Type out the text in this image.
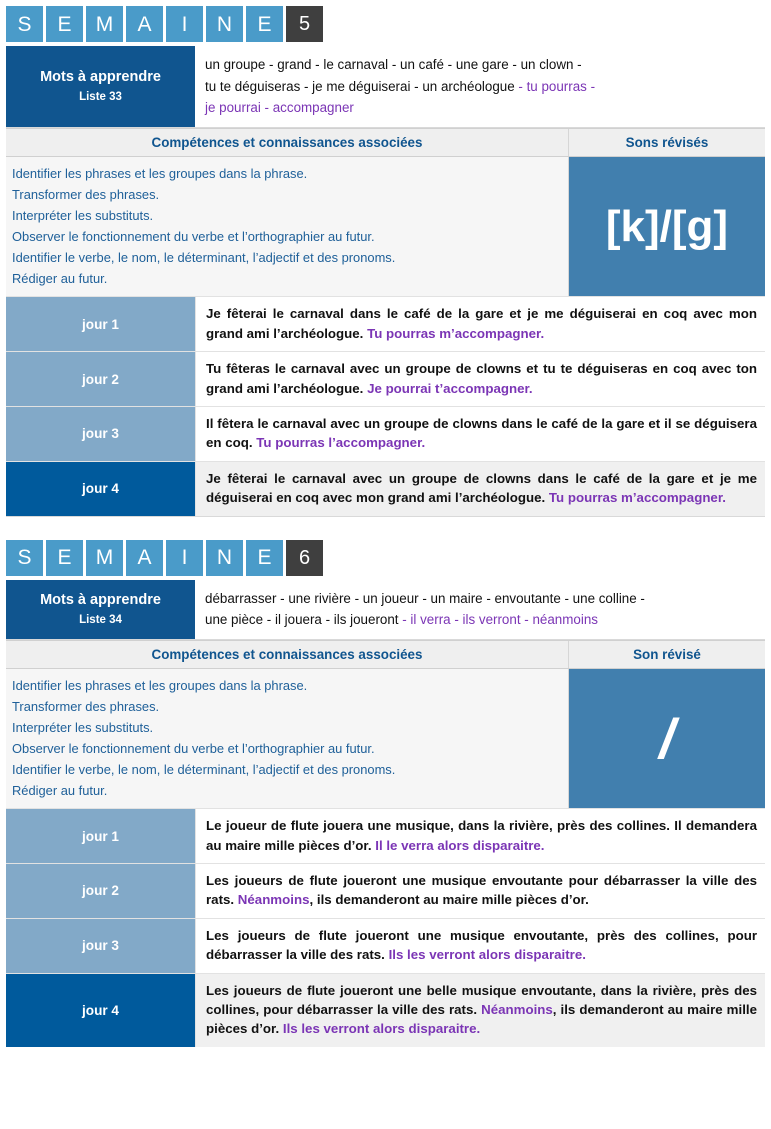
S	E	M	A	I	N	E	5
Mots à apprendre
Liste 33
un groupe - grand - le carnaval - un café - une gare - un clown -
tu te déguiseras - je me déguiserai - un archéologue - tu pourras -
je pourrai - accompagner
Compétences et connaissances associées	Sons révisés
Identifier les phrases et les groupes dans la phrase.
Transformer des phrases.
Interpréter les substituts.
Observer le fonctionnement du verbe et l’orthographier au futur.
Identifier le verbe, le nom, le déterminant, l’adjectif et des pronoms.
Rédiger au futur.
[k]/[g]
jour 1
Je fêterai le carnaval dans le café de la gare et je me déguiserai en coq avec mon grand ami l’archéologue. Tu pourras m’accompagner.
jour 2
Tu fêteras le carnaval avec un groupe de clowns et tu te déguiseras en coq avec ton grand ami l’archéologue. Je pourrai t’accompagner.
jour 3
Il fêtera le carnaval avec un groupe de clowns dans le café de la gare et il se déguisera en coq. Tu pourras l’accompagner.
jour 4
Je fêterai le carnaval avec un groupe de clowns dans le café de la gare et je me déguiserai en coq avec mon grand ami l’archéologue. Tu pourras m’accompagner.
S	E	M	A	I	N	E	6
Mots à apprendre
Liste 34
débarrasser - une rivière - un joueur - un maire - envoutante - une colline -
une pièce - il jouera - ils joueront - il verra - ils verront - néanmoins
Compétences et connaissances associées	Son révisé
Identifier les phrases et les groupes dans la phrase.
Transformer des phrases.
Interpréter les substituts.
Observer le fonctionnement du verbe et l’orthographier au futur.
Identifier le verbe, le nom, le déterminant, l’adjectif et des pronoms.
Rédiger au futur.
/
jour 1
Le joueur de flute jouera une musique, dans la rivière, près des collines. Il demandera au maire mille pièces d’or. Il le verra alors disparaitre.
jour 2
Les joueurs de flute joueront une musique envoutante pour débarrasser la ville des rats. Néanmoins, ils demanderont au maire mille pièces d’or.
jour 3
Les joueurs de flute joueront une musique envoutante, près des collines, pour débarrasser la ville des rats. Ils les verront alors disparaitre.
jour 4
Les joueurs de flute joueront une belle musique envoutante, dans la rivière, près des collines, pour débarrasser la ville des rats. Néanmoins, ils demanderont au maire mille pièces d’or. Ils les verront alors disparaitre.
